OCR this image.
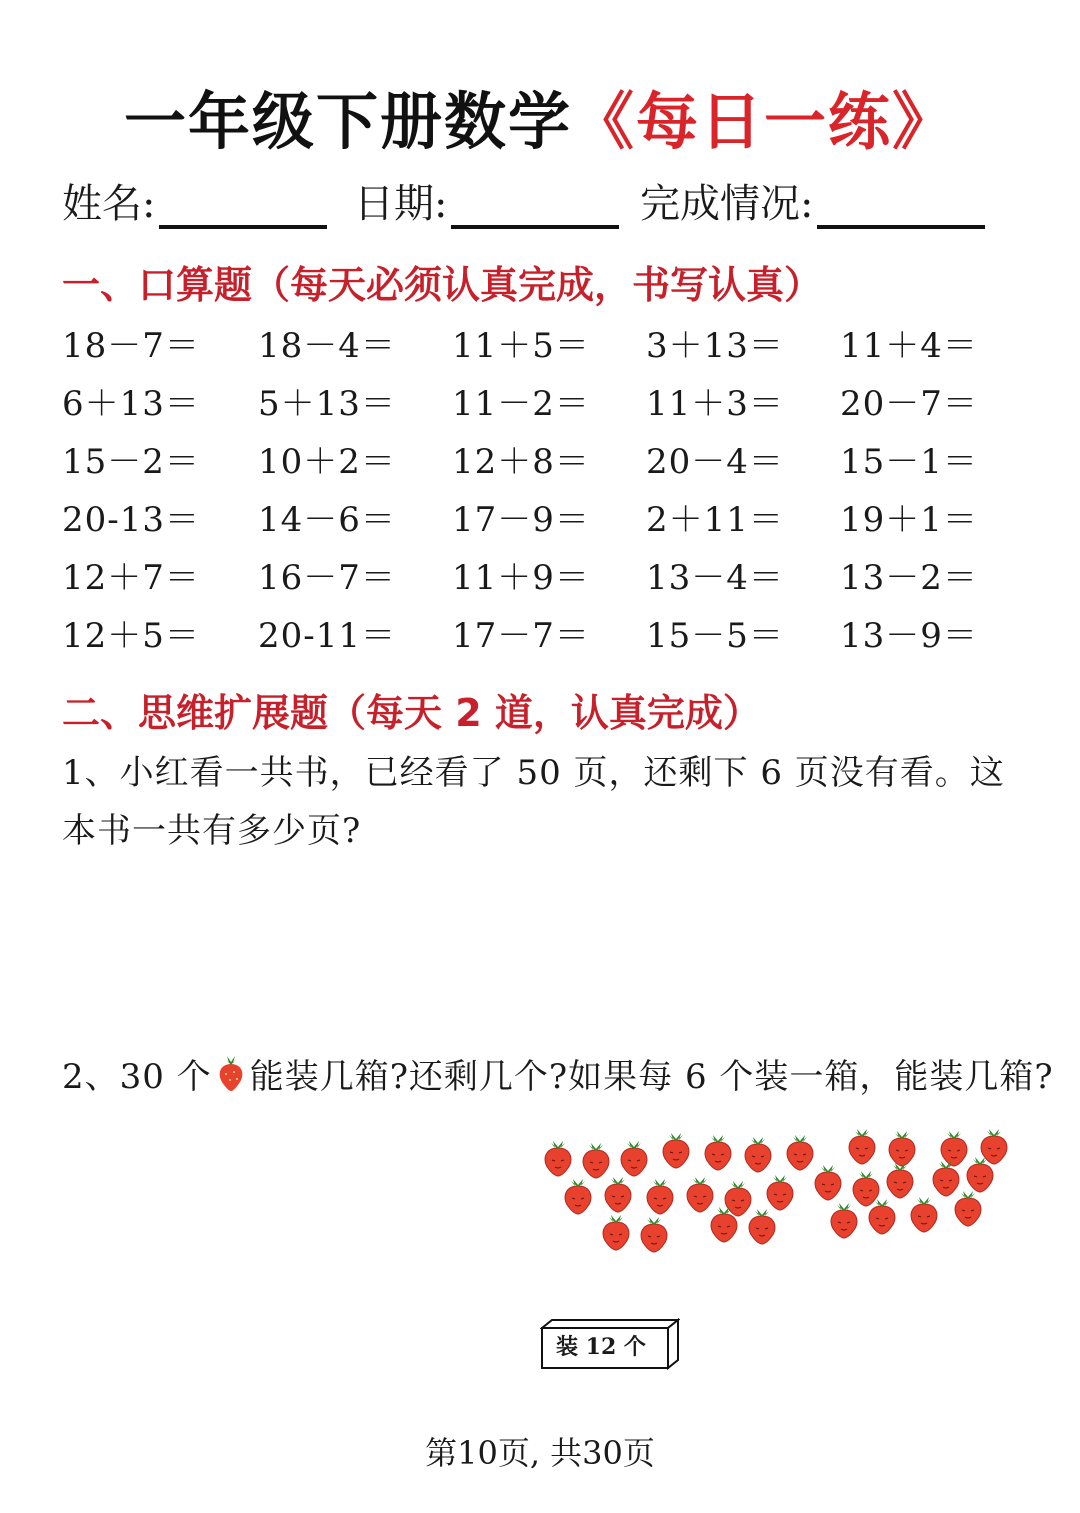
一年级下册数学《每日一练》
姓名:	日期:	完成情况:
一、口算题（每天必须认真完成，书写认真）
18－7＝ 18－4＝ 11＋5＝ 3＋13＝ 11＋4＝
6＋13＝ 5＋13＝ 11－2＝ 11＋3＝ 20－7＝
15－2＝ 10＋2＝ 12＋8＝ 20－4＝ 15－1＝
20-13＝ 14－6＝ 17－9＝ 2＋11＝ 19＋1＝
12＋7＝ 16－7＝ 11＋9＝ 13－4＝ 13－2＝
12＋5＝ 20-11＝ 17－7＝ 15－5＝ 13－9＝
二、思维扩展题（每天 2 道，认真完成）
1、小红看一共书，已经看了 50 页，还剩下 6 页没有看。这本书一共有多少页?
2、30 个 能装几箱?还剩几个?如果每 6 个装一箱，能装几箱?
装 12 个
第10页, 共30页
